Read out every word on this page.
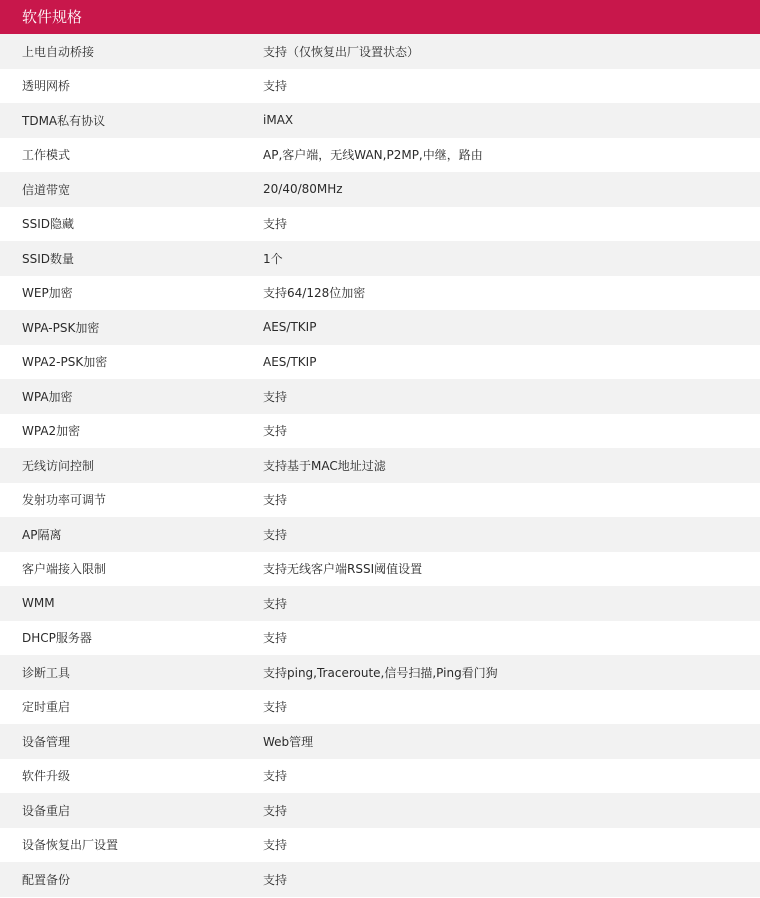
软件规格
上电自动桥接	支持（仅恢复出厂设置状态）
透明网桥	支持
TDMA私有协议	iMAX
工作模式	AP,客户端，无线WAN,P2MP,中继，路由
信道带宽	20/40/80MHz
SSID隐藏	支持
SSID数量	1个
WEP加密	支持64/128位加密
WPA-PSK加密	AES/TKIP
WPA2-PSK加密	AES/TKIP
WPA加密	支持
WPA2加密	支持
无线访问控制	支持基于MAC地址过滤
发射功率可调节	支持
AP隔离	支持
客户端接入限制	支持无线客户端RSSI阈值设置
WMM	支持
DHCP服务器	支持
诊断工具	支持ping,Traceroute,信号扫描,Ping看门狗
定时重启	支持
设备管理	Web管理
软件升级	支持
设备重启	支持
设备恢复出厂设置	支持
配置备份	支持
